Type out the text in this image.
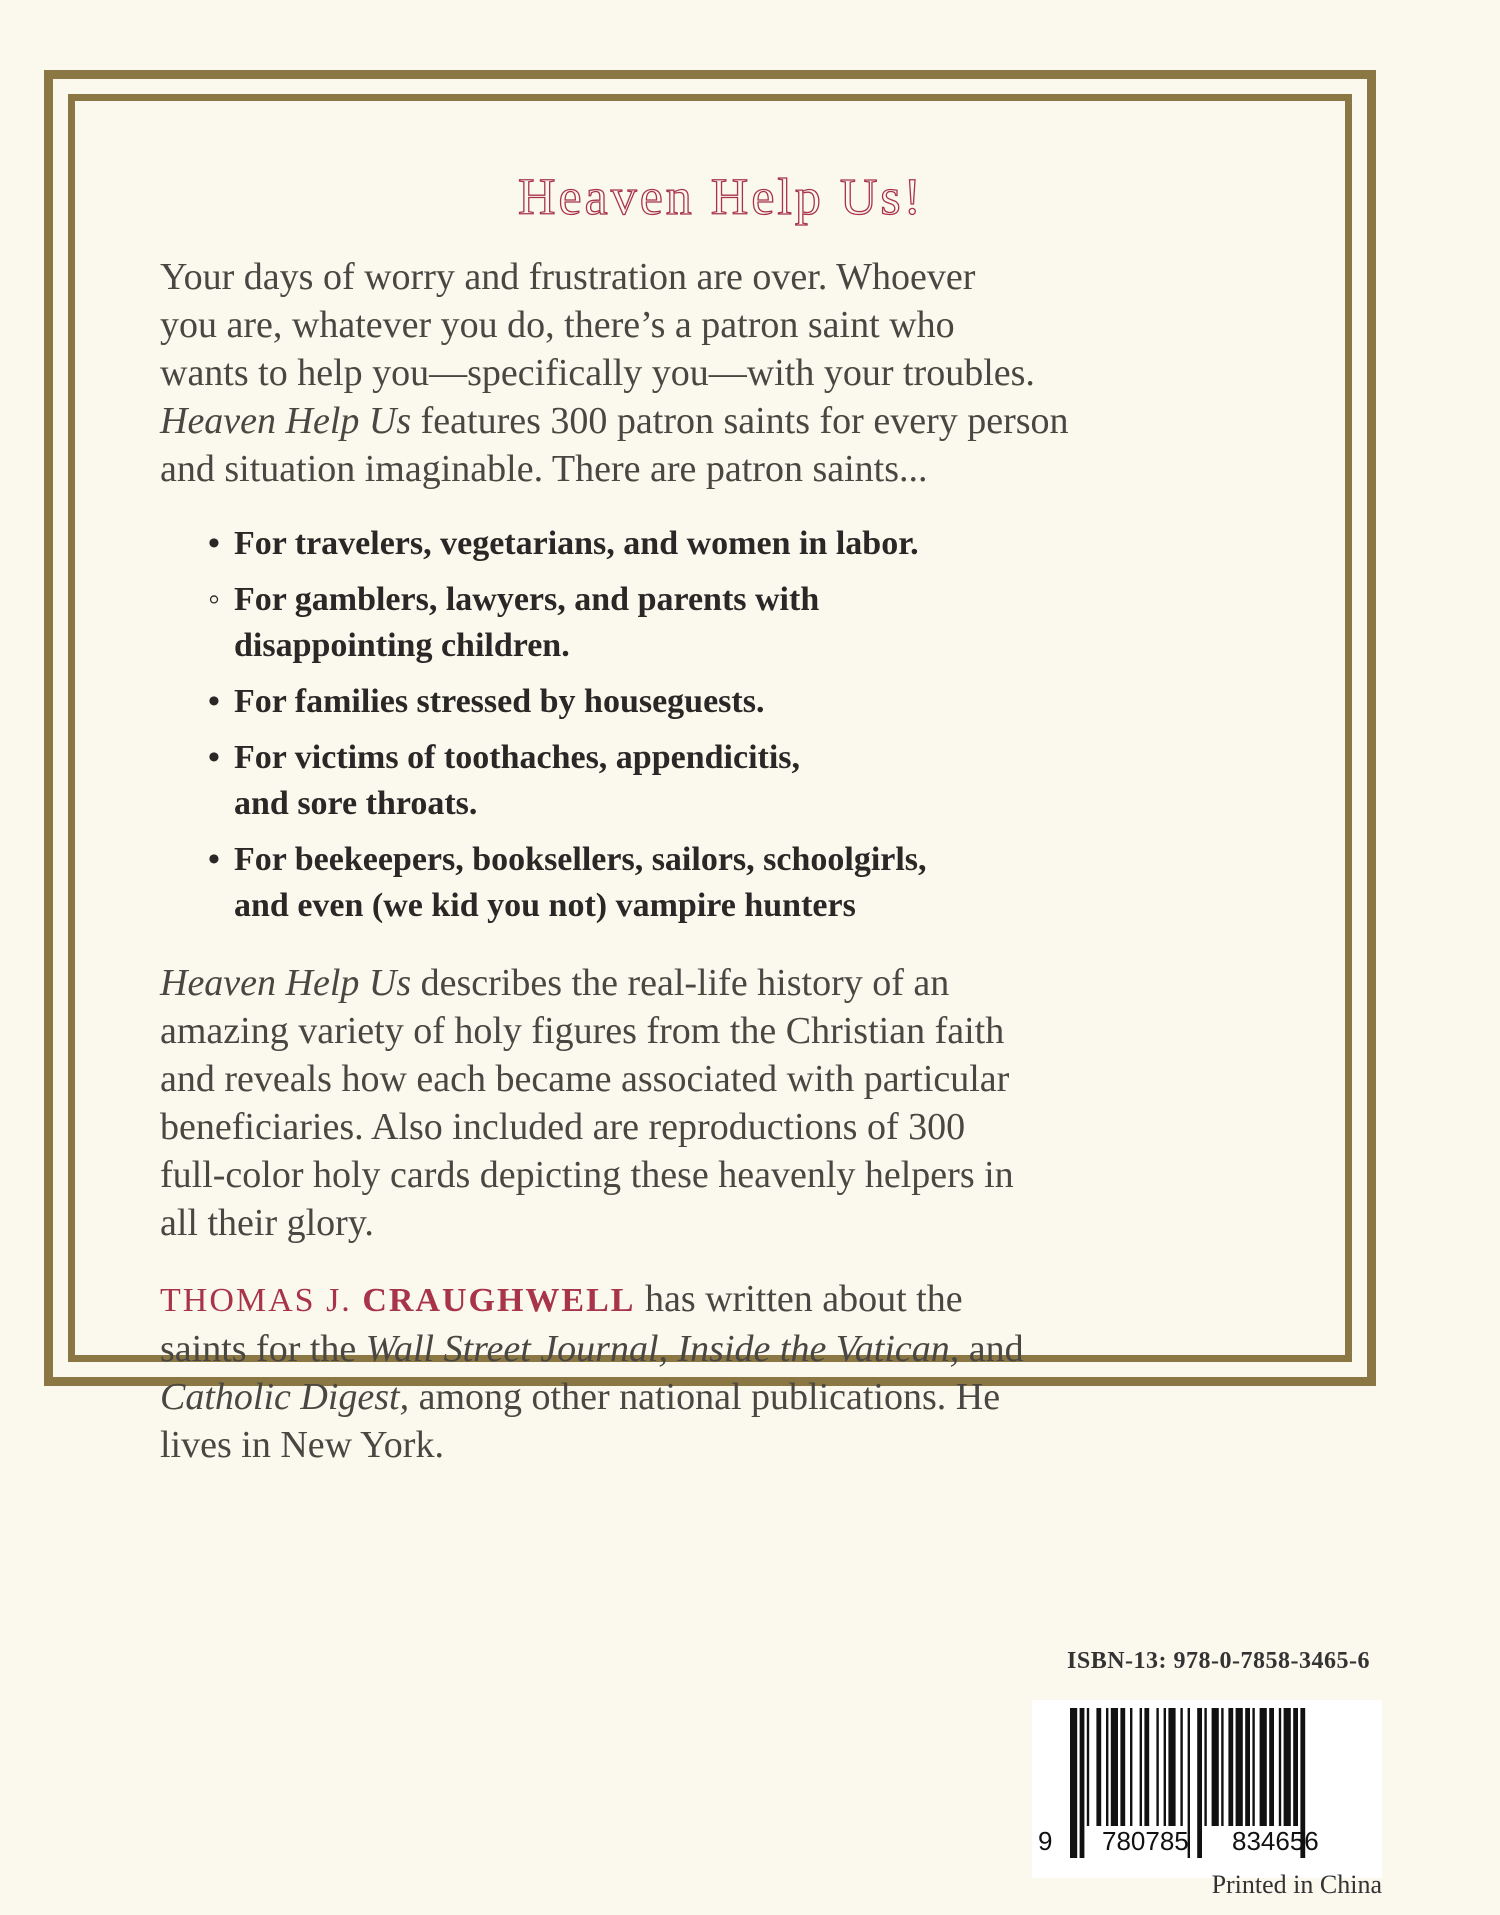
Heaven Help Us!

Your days of worry and frustration are over. Whoever
you are, whatever you do, there’s a patron saint who
wants to help you—specifically you—with your troubles.
Heaven Help Us features 300 patron saints for every person
and situation imaginable. There are patron saints...

• For travelers, vegetarians, and women in labor.
◦ For gamblers, lawyers, and parents with
disappointing children.
• For families stressed by houseguests.
• For victims of toothaches, appendicitis,
and sore throats.
• For beekeepers, booksellers, sailors, schoolgirls,
and even (we kid you not) vampire hunters

Heaven Help Us describes the real-life history of an
amazing variety of holy figures from the Christian faith
and reveals how each became associated with particular
beneficiaries. Also included are reproductions of 300
full-color holy cards depicting these heavenly helpers in
all their glory.

THOMAS J. CRAUGHWELL has written about the
saints for the Wall Street Journal, Inside the Vatican, and
Catholic Digest, among other national publications. He
lives in New York.

ISBN-13: 978-0-7858-3465-6
9 780785 834656
Printed in China
